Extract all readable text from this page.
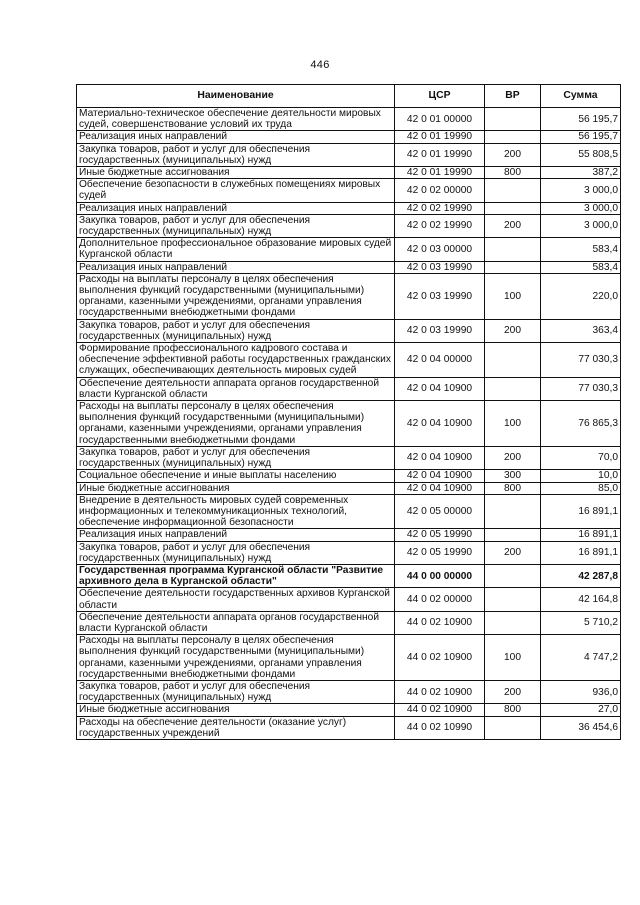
446
Наименование	ЦСР	ВР	Сумма
Материально-техническое обеспечение деятельности мировых судей, совершенствование условий их труда	42 0 01 00000		56 195,7
Реализация иных направлений	42 0 01 19990		56 195,7
Закупка товаров, работ и услуг для обеспечения государственных (муниципальных) нужд	42 0 01 19990	200	55 808,5
Иные бюджетные ассигнования	42 0 01 19990	800	387,2
Обеспечение безопасности в служебных помещениях мировых судей	42 0 02 00000		3 000,0
Реализация иных направлений	42 0 02 19990		3 000,0
Закупка товаров, работ и услуг для обеспечения государственных (муниципальных) нужд	42 0 02 19990	200	3 000,0
Дополнительное профессиональное образование мировых судей Курганской области	42 0 03 00000		583,4
Реализация иных направлений	42 0 03 19990		583,4
Расходы на выплаты персоналу в целях обеспечения выполнения функций государственными (муниципальными) органами, казенными учреждениями, органами управления государственными внебюджетными фондами	42 0 03 19990	100	220,0
Закупка товаров, работ и услуг для обеспечения государственных (муниципальных) нужд	42 0 03 19990	200	363,4
Формирование профессионального кадрового состава и обеспечение эффективной работы государственных гражданских служащих, обеспечивающих деятельность мировых судей	42 0 04 00000		77 030,3
Обеспечение деятельности аппарата органов государственной власти Курганской области	42 0 04 10900		77 030,3
Расходы на выплаты персоналу в целях обеспечения выполнения функций государственными (муниципальными) органами, казенными учреждениями, органами управления государственными внебюджетными фондами	42 0 04 10900	100	76 865,3
Закупка товаров, работ и услуг для обеспечения государственных (муниципальных) нужд	42 0 04 10900	200	70,0
Социальное обеспечение и иные выплаты населению	42 0 04 10900	300	10,0
Иные бюджетные ассигнования	42 0 04 10900	800	85,0
Внедрение в деятельность мировых судей современных информационных и телекоммуникационных технологий, обеспечение информационной безопасности	42 0 05 00000		16 891,1
Реализация иных направлений	42 0 05 19990		16 891,1
Закупка товаров, работ и услуг для обеспечения государственных (муниципальных) нужд	42 0 05 19990	200	16 891,1
Государственная программа Курганской области "Развитие архивного дела в Курганской области"	44 0 00 00000		42 287,8
Обеспечение деятельности государственных архивов Курганской области	44 0 02 00000		42 164,8
Обеспечение деятельности аппарата органов государственной власти Курганской области	44 0 02 10900		5 710,2
Расходы на выплаты персоналу в целях обеспечения выполнения функций государственными (муниципальными) органами, казенными учреждениями, органами управления государственными внебюджетными фондами	44 0 02 10900	100	4 747,2
Закупка товаров, работ и услуг для обеспечения государственных (муниципальных) нужд	44 0 02 10900	200	936,0
Иные бюджетные ассигнования	44 0 02 10900	800	27,0
Расходы на обеспечение деятельности (оказание услуг) государственных учреждений	44 0 02 10990		36 454,6
